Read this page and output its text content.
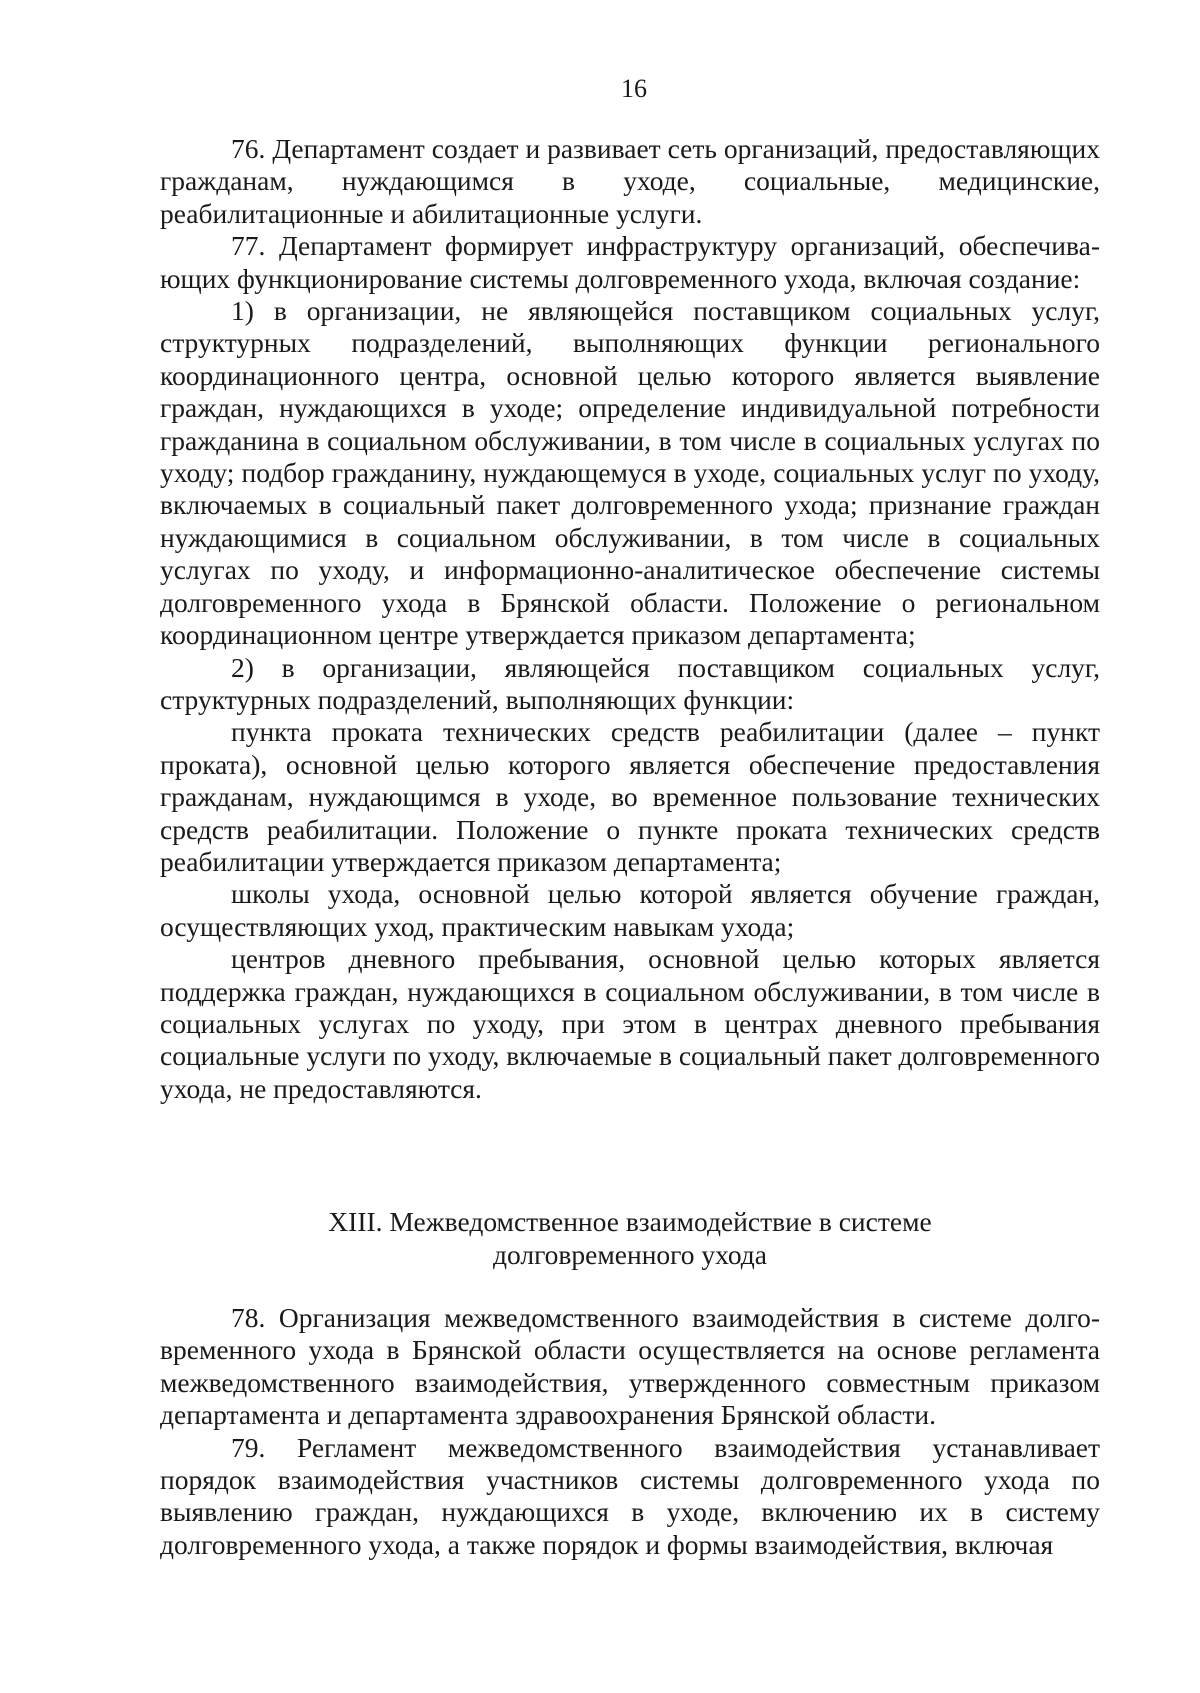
16

76. Департамент создает и развивает сеть организаций, предоставляющих гражданам, нуждающимся в уходе, социальные, медицинские, реабилитационные и абилитационные услуги.

77. Департамент формирует инфраструктуру организаций, обеспечивающих функционирование системы долговременного ухода, включая создание:

1) в организации, не являющейся поставщиком социальных услуг, структурных подразделений, выполняющих функции регионального координационного центра, основной целью которого является выявление граждан, нуждающихся в уходе; определение индивидуальной потребности гражданина в социальном обслуживании, в том числе в социальных услугах по уходу; подбор гражданину, нуждающемуся в уходе, социальных услуг по уходу, включаемых в социальный пакет долговременного ухода; признание граждан нуждающимися в социальном обслуживании, в том числе в социальных услугах по уходу, и информационно-аналитическое обеспечение системы долговременного ухода в Брянской области. Положение о региональном координационном центре утверждается приказом департамента;

2) в организации, являющейся поставщиком социальных услуг, структурных подразделений, выполняющих функции:

пункта проката технических средств реабилитации (далее – пункт проката), основной целью которого является обеспечение предоставления гражданам, нуждающимся в уходе, во временное пользование технических средств реабилитации. Положение о пункте проката технических средств реабилитации утверждается приказом департамента;

школы ухода, основной целью которой является обучение граждан, осуществляющих уход, практическим навыкам ухода;

центров дневного пребывания, основной целью которых является поддержка граждан, нуждающихся в социальном обслуживании, в том числе в социальных услугах по уходу, при этом в центрах дневного пребывания социальные услуги по уходу, включаемые в социальный пакет долговременного ухода, не предоставляются.

XIII. Межведомственное взаимодействие в системе
долговременного ухода

78. Организация межведомственного взаимодействия в системе долговременного ухода в Брянской области осуществляется на основе регламента межведомственного взаимодействия, утвержденного совместным приказом департамента и департамента здравоохранения Брянской области.

79. Регламент межведомственного взаимодействия устанавливает порядок взаимодействия участников системы долговременного ухода по выявлению граждан, нуждающихся в уходе, включению их в систему долговременного ухода, а также порядок и формы взаимодействия, включая
